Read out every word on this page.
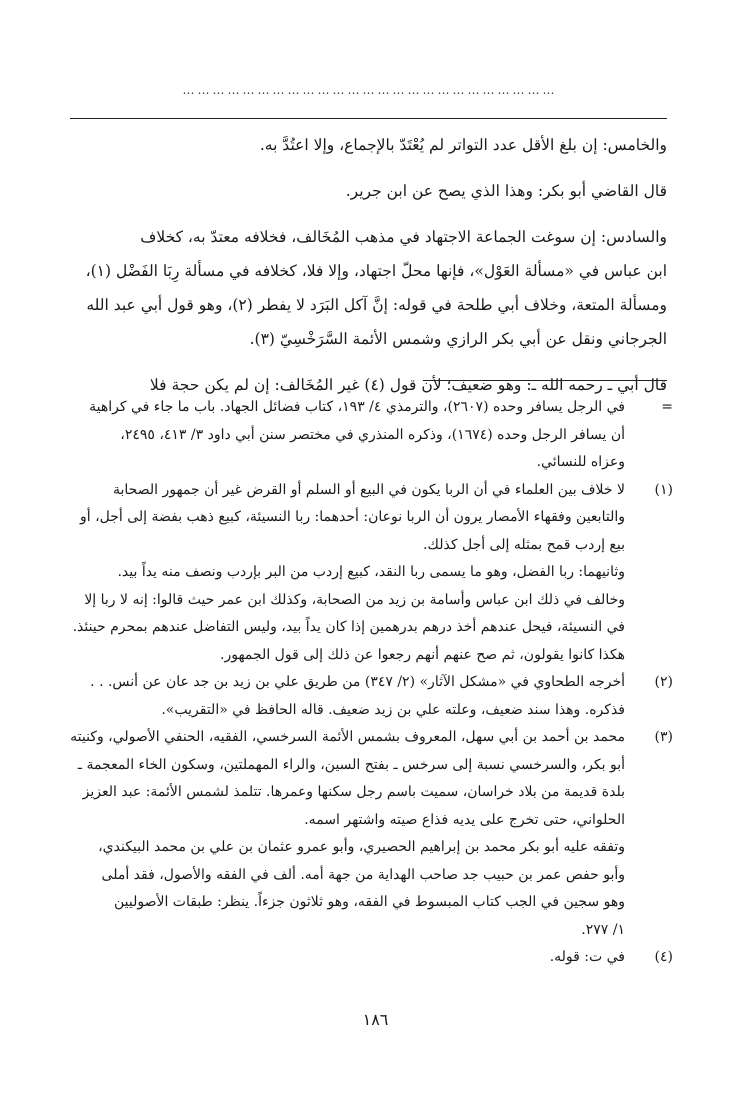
…………………………………………………………………

والخامس: إن بلغ الأقل عدد التواتر لم يُعْتَدّ بالإجماع، وإلا اعتُدَّ به.

قال القاضي أبو بكر: وهذا الذي يصح عن ابن جرير.

والسادس: إن سوغت الجماعة الاجتهاد في مذهب المُخَالف، فخلافه معتدّ به، كخلاف
ابن عباس في «مسألة العَوْل»، فإنها محلّ اجتهاد، وإلا فلا، كخلافه في مسألة رِبَا الفَضْل (١)،
ومسألة المتعة، وخلاف أبي طلحة في قوله: إنَّ آكل البَرَد لا يفطر (٢)، وهو قول أبي عبد الله
الجرجاني ونقل عن أبي بكر الرازي وشمس الأئمة السَّرَخْسِيّ (٣).

قال أبي ـ رحمه الله ـ: وهو ضعيف؛ لأن قول (٤) غير المُخَالف: إن لم يكن حجة فلا

=
في الرجل يسافر وحده (٢٦٠٧)، والترمذي ٤/ ١٩٣، كتاب فضائل الجهاد. باب ما جاء في كراهية
أن يسافر الرجل وحده (١٦٧٤)، وذكره المنذري في مختصر سنن أبي داود ٣/ ٤١٣، ٢٤٩٥،
وعزاه للنسائي.
(١)
لا خلاف بين العلماء في أن الربا يكون في البيع أو السلم أو القرض غير أن جمهور الصحابة
والتابعين وفقهاء الأمصار يرون أن الربا نوعان: أحدهما: ربا النسيئة، كبيع ذهب بفضة إلى أجل، أو
بيع إردب قمح بمثله إلى أجل كذلك.
وثانيهما: ربا الفضل، وهو ما يسمى ربا النقد، كبيع إردب من البر بإردب ونصف منه يداً بيد.
وخالف في ذلك ابن عباس وأسامة بن زيد من الصحابة، وكذلك ابن عمر حيث قالوا: إنه لا ربا إلا
في النسيئة، فيحل عندهم أخذ درهم بدرهمين إذا كان يداً بيد، وليس التفاضل عندهم بمحرم حينئذ.
هكذا كانوا يقولون، ثم صح عنهم أنهم رجعوا عن ذلك إلى قول الجمهور.
(٢)
أخرجه الطحاوي في «مشكل الآثار» (٢/ ٣٤٧) من طريق علي بن زيد بن جد عان عن أنس. . .
فذكره. وهذا سند ضعيف، وعلته علي بن زيد ضعيف. قاله الحافظ في «التقريب».
(٣)
محمد بن أحمد بن أبي سهل، المعروف بشمس الأئمة السرخسي، الفقيه، الحنفي الأصولي، وكنيته
أبو بكر، والسرخسي نسبة إلى سرخس ـ بفتح السين، والراء المهملتين، وسكون الخاء المعجمة ـ
بلدة قديمة من بلاد خراسان، سميت باسم رجل سكنها وعمرها. تتلمذ لشمس الأئمة: عبد العزيز
الحلواني، حتى تخرج على يديه فذاع صيته واشتهر اسمه.
وتفقه عليه أبو بكر محمد بن إبراهيم الحصيري، وأبو عمرو عثمان بن علي بن محمد البيكندي،
وأبو حفص عمر بن حبيب جد صاحب الهداية من جهة أمه. ألف في الفقه والأصول، فقد أملى
وهو سجين في الجب كتاب المبسوط في الفقه، وهو ثلاثون جزءاً. ينظر: طبقات الأصوليين
١/ ٢٧٧.
(٤)
في ت: قوله.
١٨٦
